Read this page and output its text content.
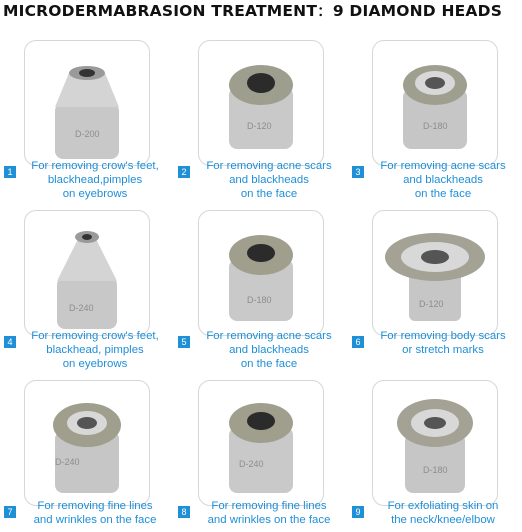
MICRODERMABRASION TREATMENT：9 DIAMOND HEADS
D-200
1	For removing crow's feet,
blackhead,pimples
on eyebrows
D-120
2	For removing acne scars
and blackheads
on the face
D-180
3	For removing acne scars
and blackheads
on the face
D-240
4	For removing crow's feet,
blackhead, pimples
on eyebrows
D-180
5	For removing acne scars
and blackheads
on the face
D-120
6	For removing body scars
or stretch marks
D-240
7	For removing fine lines
and wrinkles on the face
D-240
8	For removing fine lines
and wrinkles on the face
D-180
9	For exfoliating skin on
the neck/knee/elbow
